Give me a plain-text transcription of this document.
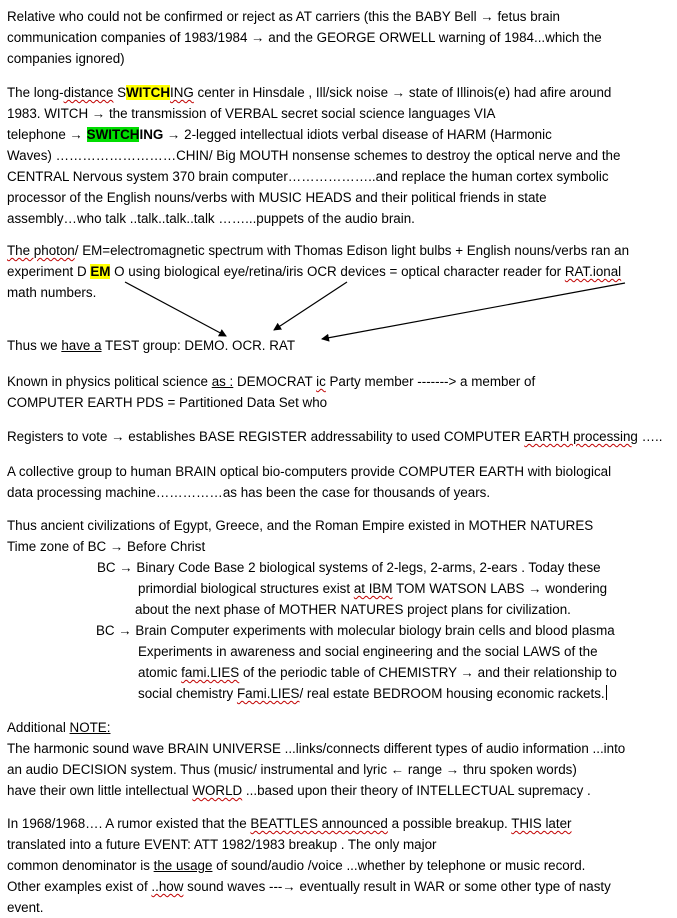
Relative who could not be confirmed or reject as AT carriers (this the BABY Bell → fetus brain
communication companies of 1983/1984 → and the GEORGE ORWELL warning of 1984...which the
companies ignored)
The long-distance SWITCHING center in Hinsdale , Ill/sick noise → state of Illinois(e) had afire around
1983. WITCH → the transmission of VERBAL secret social science languages VIA
telephone → SWITCHING → 2-legged intellectual idiots verbal disease of HARM (Harmonic
Waves) ………………………CHIN/ Big MOUTH nonsense schemes to destroy the optical nerve and the
CENTRAL Nervous system 370 brain computer………………..and replace the human cortex symbolic
processor of the English nouns/verbs with MUSIC HEADS and their political friends in state
assembly…who talk ..talk..talk..talk ……...puppets of the audio brain.
The photon/ EM=electromagnetic spectrum with Thomas Edison light bulbs + English nouns/verbs ran an
experiment D EM O using biological eye/retina/iris OCR devices = optical character reader for RAT.ional
math numbers.
Thus we have a TEST group: DEMO. OCR. RAT
Known in physics political science as : DEMOCRAT ic Party member -------> a member of
COMPUTER EARTH PDS = Partitioned Data Set who
Registers to vote → establishes BASE REGISTER addressability to used COMPUTER EARTH processing …..
A collective group to human BRAIN optical bio-computers provide COMPUTER EARTH with biological
data processing machine……………as has been the case for thousands of years.
Thus ancient civilizations of Egypt, Greece, and the Roman Empire existed in MOTHER NATURES
Time zone of BC → Before Christ
BC → Binary Code Base 2 biological systems of 2-legs, 2-arms, 2-ears . Today these
primordial biological structures exist at IBM TOM WATSON LABS → wondering
about the next phase of MOTHER NATURES project plans for civilization.
BC → Brain Computer experiments with molecular biology brain cells and blood plasma
Experiments in awareness and social engineering and the social LAWS of the
atomic fami.LIES of the periodic table of CHEMISTRY → and their relationship to
social chemistry Fami.LIES/ real estate BEDROOM housing economic rackets.
Additional NOTE:
The harmonic sound wave BRAIN UNIVERSE ...links/connects different types of audio information ...into
an audio DECISION system. Thus (music/ instrumental and lyric ← range → thru spoken words)
have their own little intellectual WORLD ...based upon their theory of INTELLECTUAL supremacy .
In 1968/1968…. A rumor existed that the BEATTLES announced a possible breakup. THIS later
translated into a future EVENT: ATT 1982/1983 breakup . The only major
common denominator is the usage of sound/audio /voice ...whether by telephone or music record.
Other examples exist of ..how sound waves ---→ eventually result in WAR or some other type of nasty
event.
